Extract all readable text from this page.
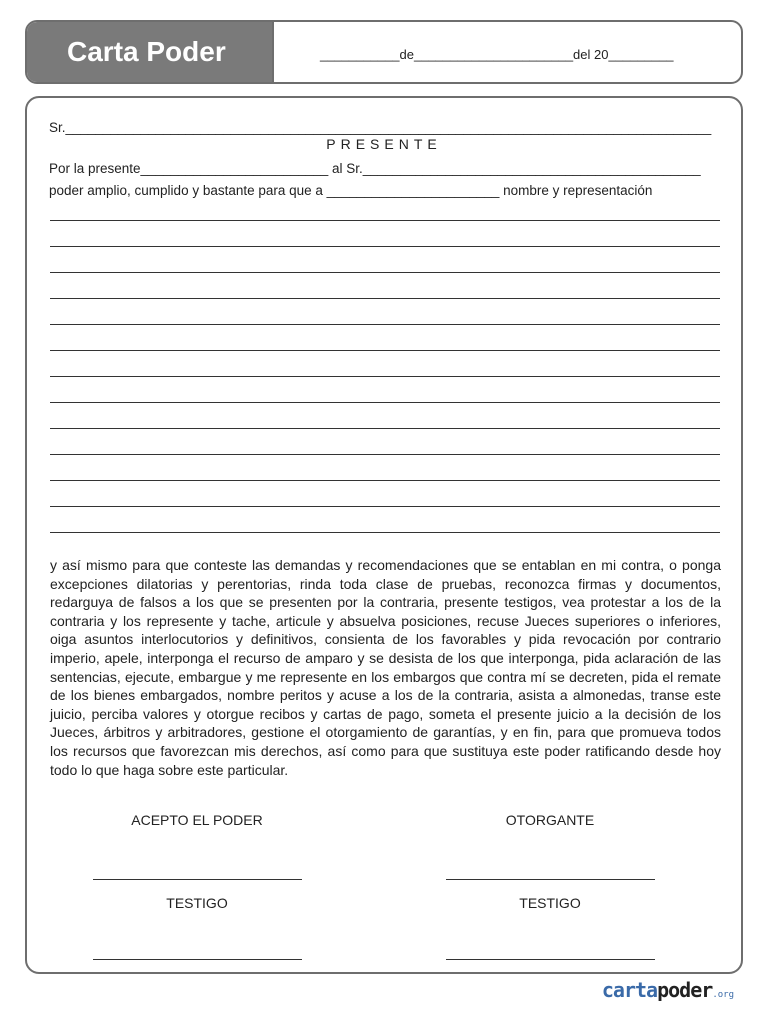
Carta Poder	___________de______________________del 20_________
Sr.______________________________________________________________________________________
PRESENTE
Por la presente_________________________ al Sr._____________________________________________
poder amplio, cumplido y bastante para que a _______________________ nombre y representación
y así mismo para que conteste las demandas y recomendaciones que se entablan en mi contra, o ponga excepciones dilatorias y perentorias, rinda toda clase de pruebas, reconozca firmas y documentos, redarguya de falsos a los que se presenten por la contraria, presente testigos, vea protestar a los de la contraria y los represente y tache, articule y absuelva posiciones, recuse Jueces superiores o inferiores, oiga asuntos interlocutorios y definitivos, consienta de los favorables y pida revocación por contrario imperio, apele, interponga el recurso de amparo y se desista de los que interponga, pida aclaración de las sentencias, ejecute, embargue y me represente en los embargos que contra mí se decreten, pida el remate de los bienes embargados, nombre peritos y acuse a los de la contraria, asista a almonedas, transe este juicio, perciba valores y otorgue recibos y cartas de pago, someta el presente juicio a la decisión de los Jueces, árbitros y arbitradores, gestione el otorgamiento de garantías, y en fin, para que promueva todos los recursos que favorezcan mis derechos, así como para que sustituya este poder ratificando desde hoy todo lo que haga sobre este particular.
ACEPTO EL PODER	OTORGANTE
TESTIGO	TESTIGO
cartapoder.org
